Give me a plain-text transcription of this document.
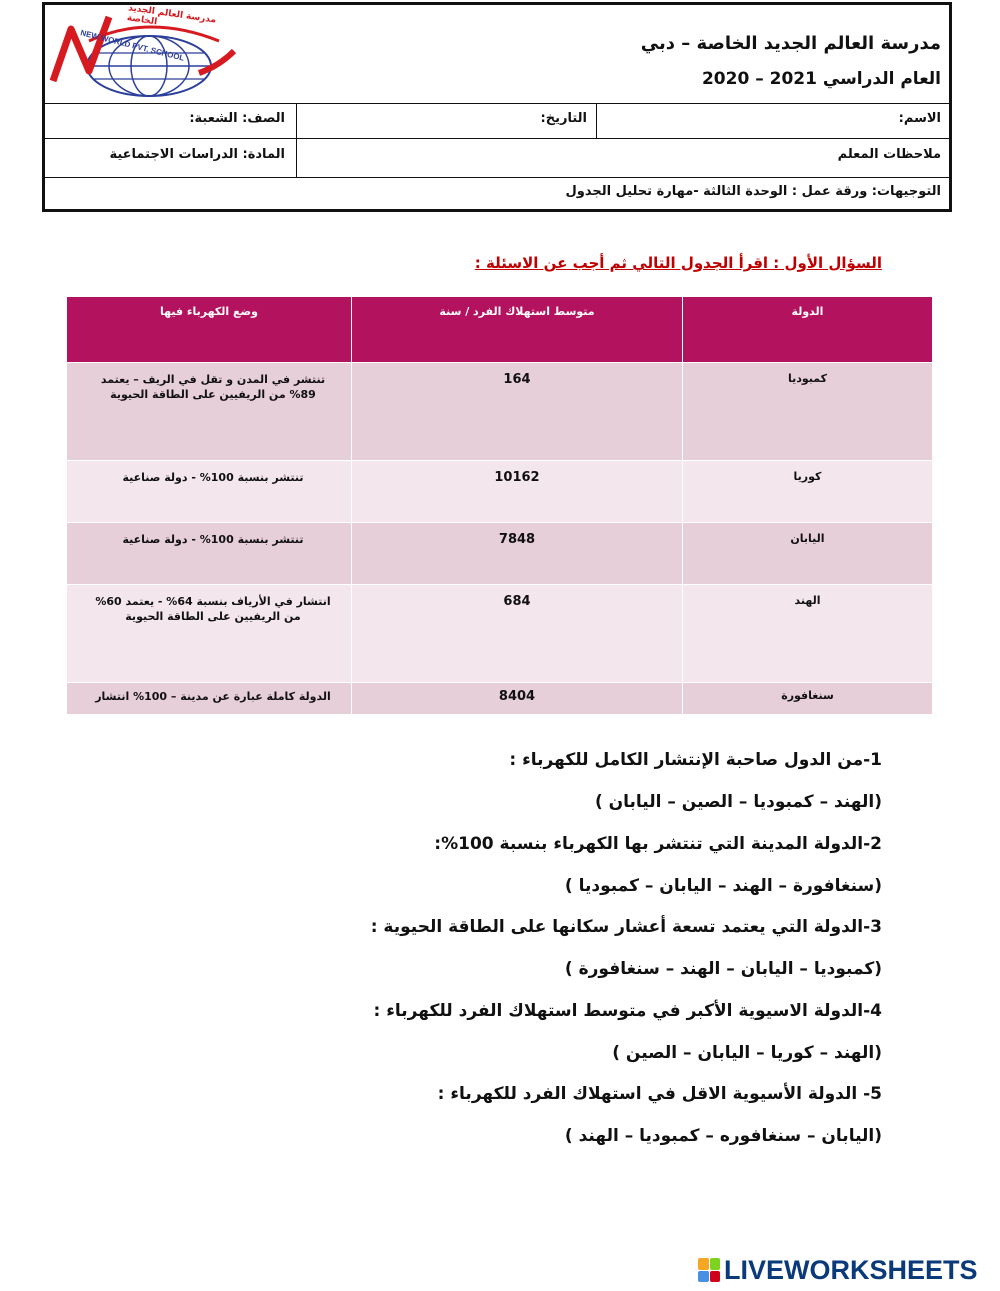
مدرسة العالم الجديد الخاصة
NEW WORLD PVT. SCHOOL	مدرسة العالم الجديد الخاصة – دبي
العام الدراسي 2021 – 2020
الاسم:
التاريخ:
الصف: الشعبة:
ملاحظات المعلم
المادة: الدراسات الاجتماعية
التوجيهات: ورقة عمل : الوحدة الثالثة -مهارة تحليل الجدول
السؤال الأول : اقرأ الجدول التالي ثم أجب عن الاسئلة :
الدولة	متوسط استهلاك الفرد / سنة	وضع الكهرباء فيها
كمبوديا	164	تنتشر في المدن و تقل في الريف – يعتمد 89% من الريفيين على الطاقة الحيوية
كوريا	10162	تنتشر بنسبة 100% - دولة صناعية
اليابان	7848	تنتشر بنسبة 100% - دولة صناعية
الهند	684	انتشار في الأرياف بنسبة 64% - يعتمد 60% من الريفيين على الطاقة الحيوية
سنغافورة	8404	الدولة كاملة عبارة عن مدينة – 100% انتشار
1-من الدول صاحبة الإنتشار الكامل للكهرباء :
(الهند – كمبوديا – الصين – اليابان )
2-الدولة المدينة التي تنتشر بها الكهرباء بنسبة 100%:
(سنغافورة – الهند – اليابان – كمبوديا )
3-الدولة التي يعتمد تسعة أعشار سكانها على الطاقة الحيوية :
(كمبوديا – اليابان – الهند – سنغافورة )
4-الدولة الاسيوية الأكبر في متوسط استهلاك الفرد للكهرباء :
(الهند – كوريا – اليابان – الصين )
5- الدولة الأسيوية الاقل في استهلاك الفرد للكهرباء :
(اليابان – سنغافوره – كمبوديا – الهند )
LIVEWORKSHEETS
